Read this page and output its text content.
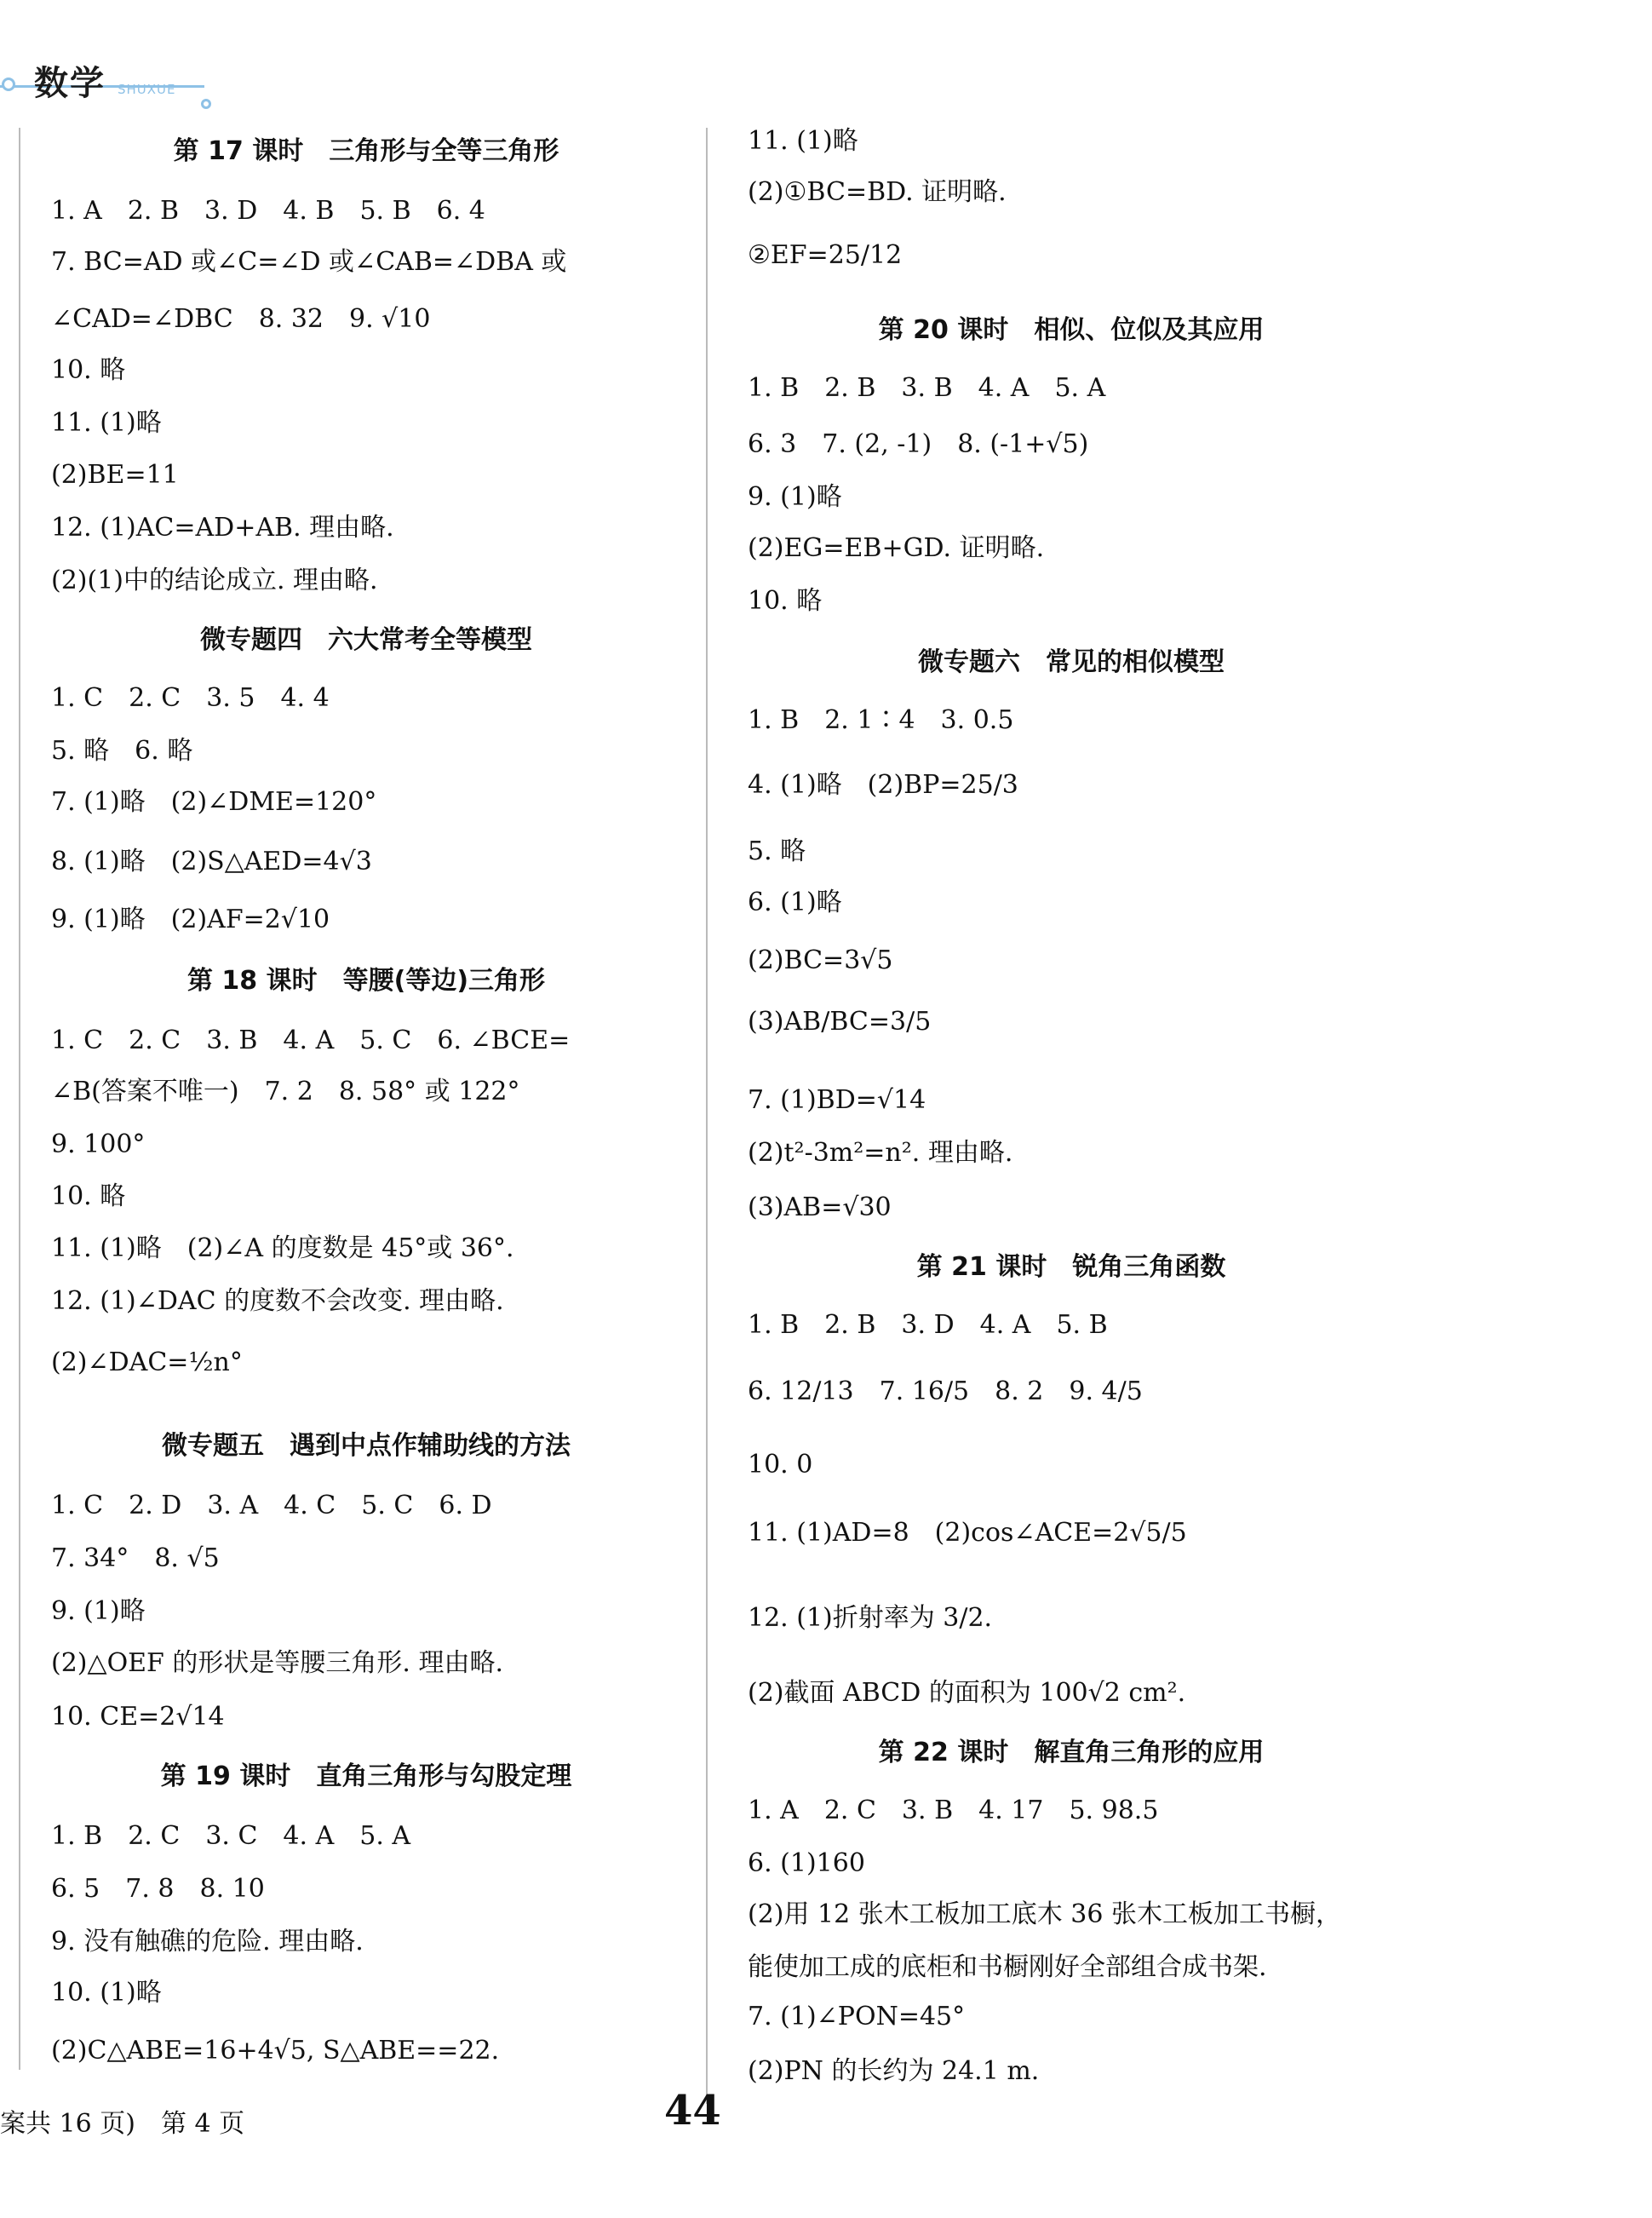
数学 SHUXUE
第 17 课时　三角形与全等三角形
1. A　2. B　3. D　4. B　5. B　6. 4
7. BC=AD 或∠C=∠D 或∠CAB=∠DBA 或
∠CAD=∠DBC　8. 32　9. √10
10. 略
11. (1)略
(2)BE=11
12. (1)AC=AD+AB. 理由略.
(2)(1)中的结论成立. 理由略.
微专题四　六大常考全等模型
1. C　2. C　3. 5　4. 4
5. 略　6. 略
7. (1)略　(2)∠DME=120°
8. (1)略　(2)S△AED=4√3
9. (1)略　(2)AF=2√10
第 18 课时　等腰(等边)三角形
1. C　2. C　3. B　4. A　5. C　6. ∠BCE=
∠B(答案不唯一)　7. 2　8. 58° 或 122°
9. 100°
10. 略
11. (1)略　(2)∠A 的度数是 45°或 36°.
12. (1)∠DAC 的度数不会改变. 理由略.
(2)∠DAC=½n°
微专题五　遇到中点作辅助线的方法
1. C　2. D　3. A　4. C　5. C　6. D
7. 34°　8. √5
9. (1)略
(2)△OEF 的形状是等腰三角形. 理由略.
10. CE=2√14
第 19 课时　直角三角形与勾股定理
1. B　2. C　3. C　4. A　5. A
6. 5　7. 8　8. 10
9. 没有触礁的危险. 理由略.
10. (1)略
(2)C△ABE=16+4√5, S△ABE==22.
11. (1)略
(2)①BC=BD. 证明略.
②EF=25/12
第 20 课时　相似、位似及其应用
1. B　2. B　3. B　4. A　5. A
6. 3　7. (2, -1)　8. (-1+√5)
9. (1)略
(2)EG=EB+GD. 证明略.
10. 略
微专题六　常见的相似模型
1. B　2. 1∶4　3. 0.5
4. (1)略　(2)BP=25/3
5. 略
6. (1)略
(2)BC=3√5
(3)AB/BC=3/5
7. (1)BD=√14
(2)t²-3m²=n². 理由略.
(3)AB=√30
第 21 课时　锐角三角函数
1. B　2. B　3. D　4. A　5. B
6. 12/13　7. 16/5　8. 2　9. 4/5
10. 0
11. (1)AD=8　(2)cos∠ACE=2√5/5
12. (1)折射率为 3/2.
(2)截面 ABCD 的面积为 100√2 cm².
第 22 课时　解直角三角形的应用
1. A　2. C　3. B　4. 17　5. 98.5
6. (1)160
(2)用 12 张木工板加工底木 36 张木工板加工书橱，
能使加工成的底柜和书橱刚好全部组合成书架.
7. (1)∠PON=45°
(2)PN 的长约为 24.1 m.
案共 16 页)　第 4 页	44
